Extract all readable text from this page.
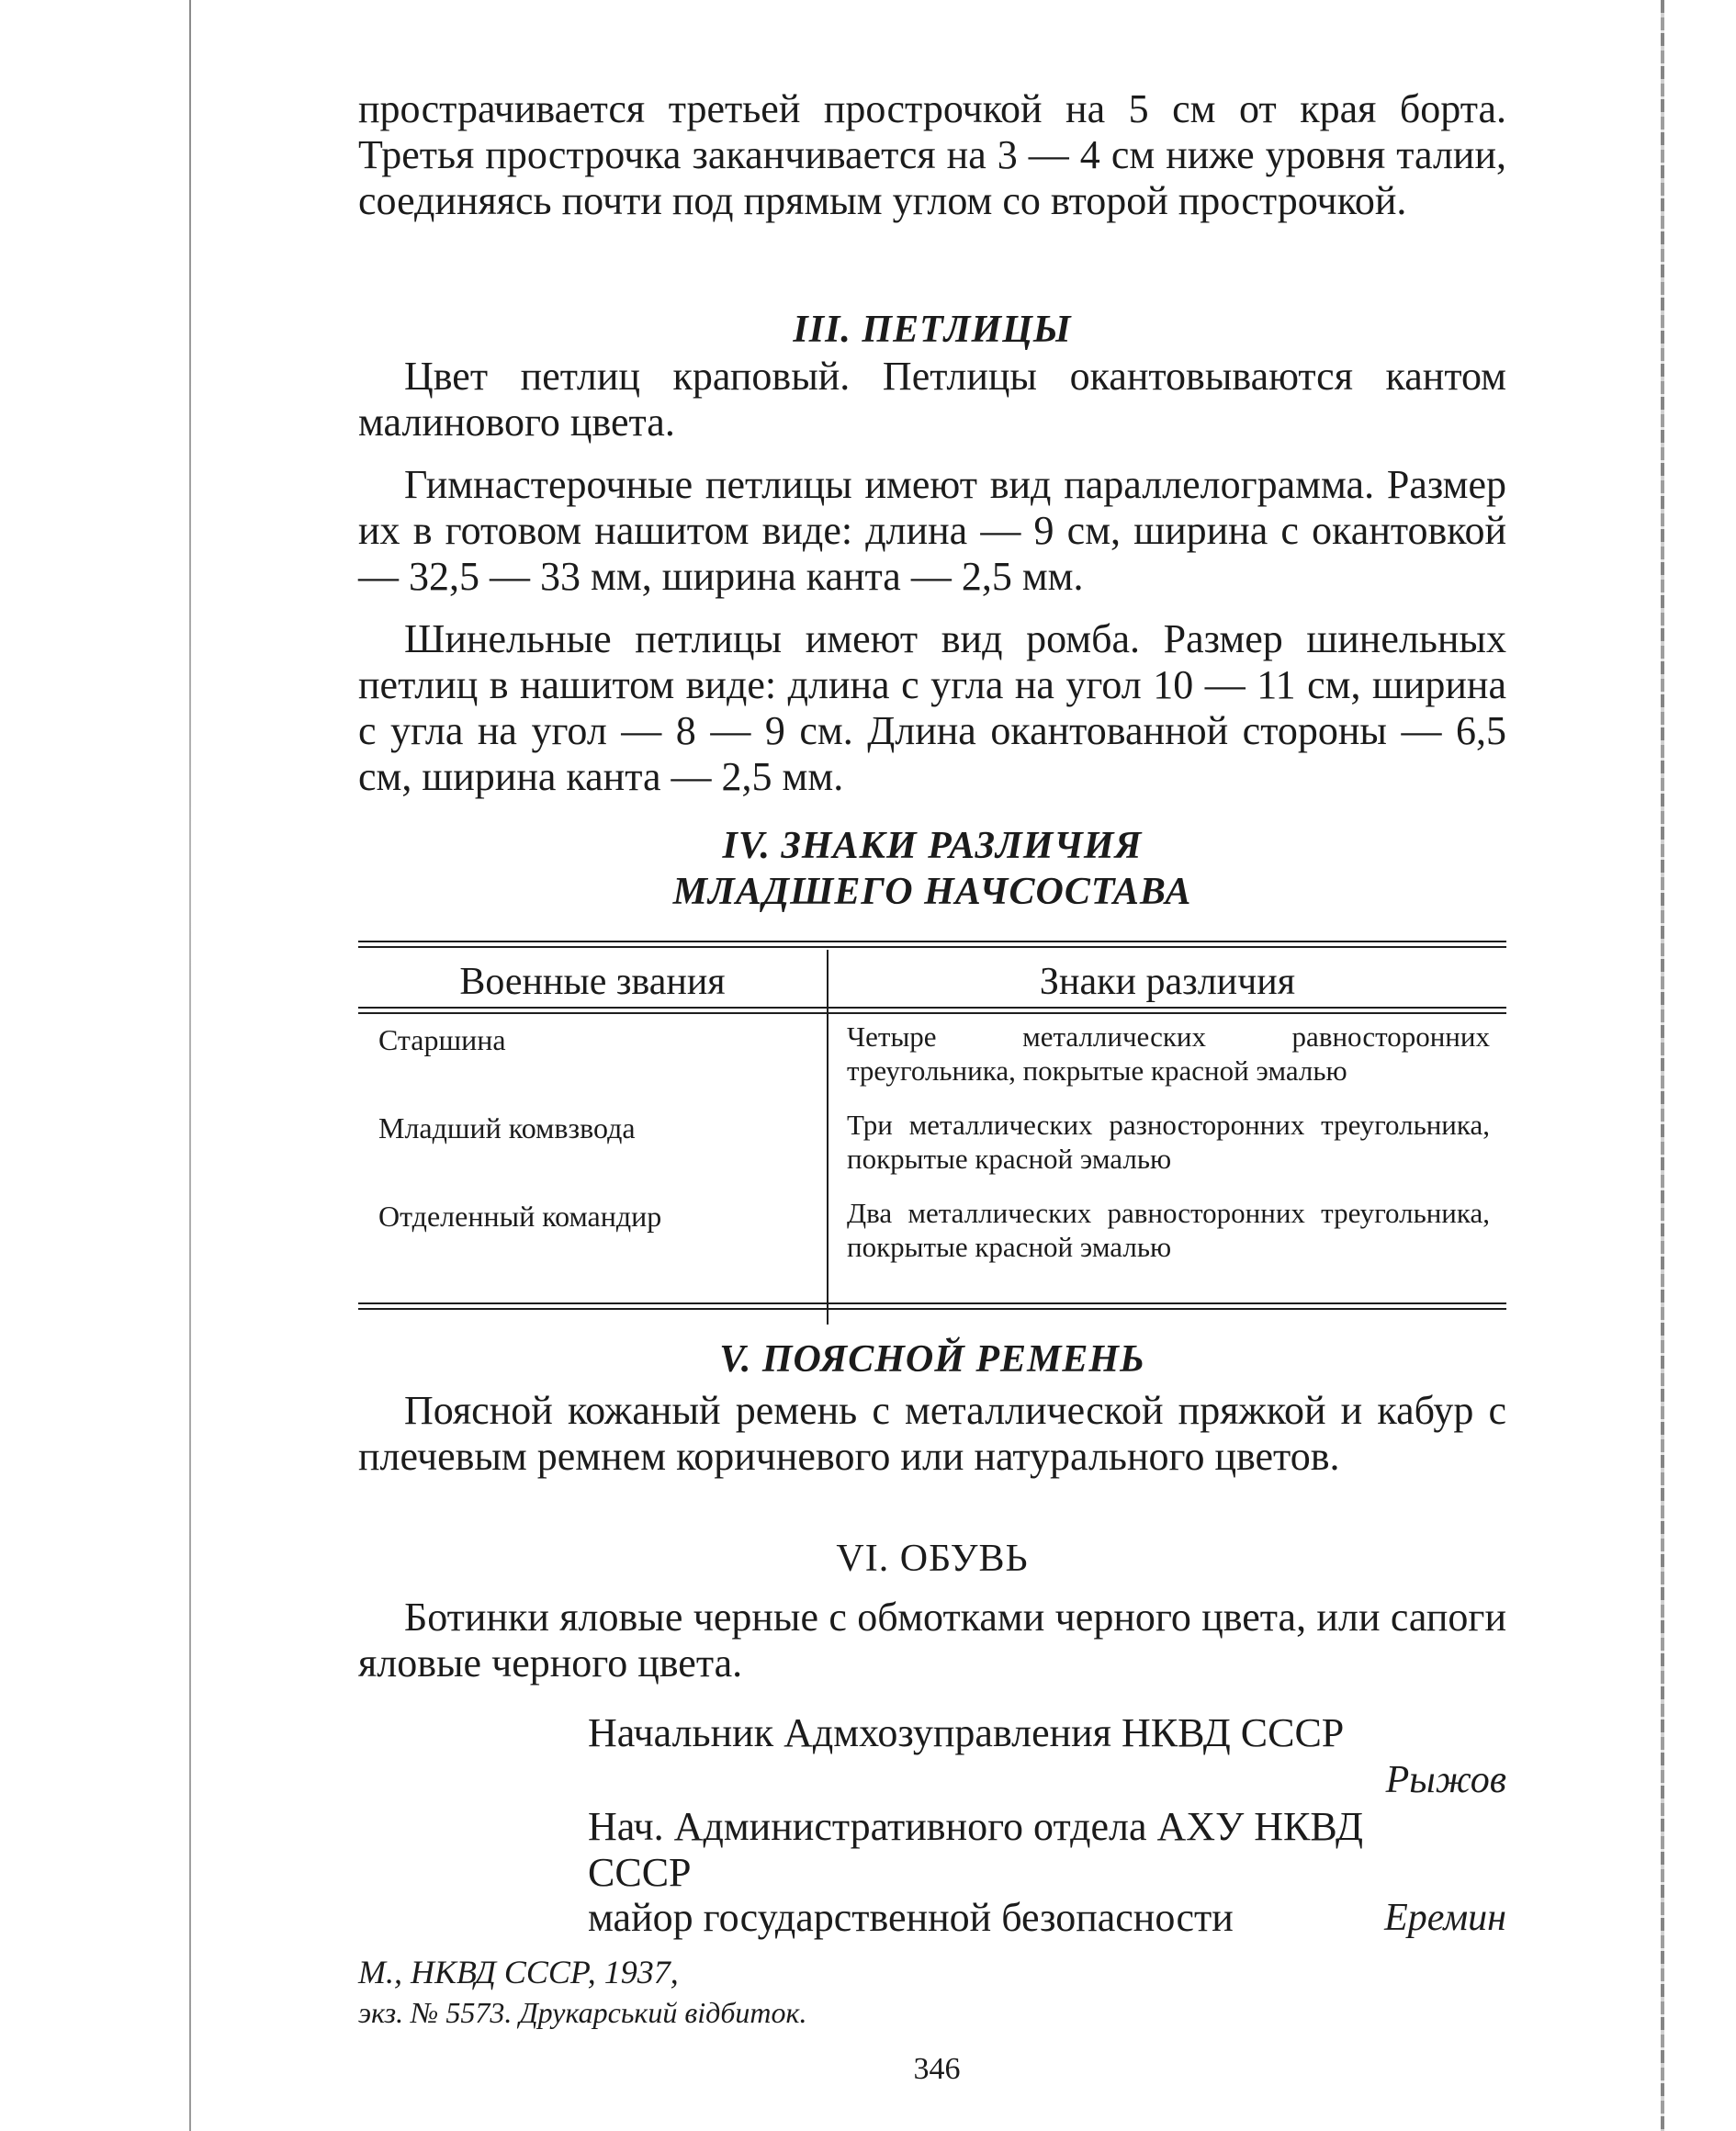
прострачивается третьей прострочкой на 5 см от края борта. Третья прострочка заканчивается на 3 — 4 см ниже уровня талии, соединяясь почти под прямым углом со второй прострочкой.

III. ПЕТЛИЦЫ

Цвет петлиц краповый. Петлицы окантовываются кантом малинового цвета.

Гимнастерочные петлицы имеют вид параллелограмма. Размер их в готовом нашитом виде: длина — 9 см, ширина с окантовкой — 32,5 — 33 мм, ширина канта — 2,5 мм.

Шинельные петлицы имеют вид ромба. Размер шинельных петлиц в нашитом виде: длина с угла на угол 10 — 11 см, ширина с угла на угол — 8 — 9 см. Длина окантованной стороны — 6,5 см, ширина канта — 2,5 мм.

IV. ЗНАКИ РАЗЛИЧИЯ
МЛАДШЕГО НАЧСОСТАВА
Военные звания	Знаки различия
Старшина	Четыре металлических равносторонних треугольника, покрытые красной эмалью
Младший комвзвода	Три металлических разносторонних треугольника, покрытые красной эмалью
Отделенный командир	Два металлических равносторонних треугольника, покрытые красной эмалью
V. ПОЯСНОЙ РЕМЕНЬ

Поясной кожаный ремень с металлической пряжкой и кабур с плечевым ремнем коричневого или натурального цветов.

VI. ОБУВЬ

Ботинки яловые черные с обмотками черного цвета, или сапоги яловые черного цвета.

Начальник Адмхозуправления НКВД СССР
Рыжов
Нач. Административного отдела АХУ НКВД
СССР
майор государственной безопасности	Еремин
М., НКВД СССР, 1937,
экз. № 5573. Друкарський відбиток.
346
